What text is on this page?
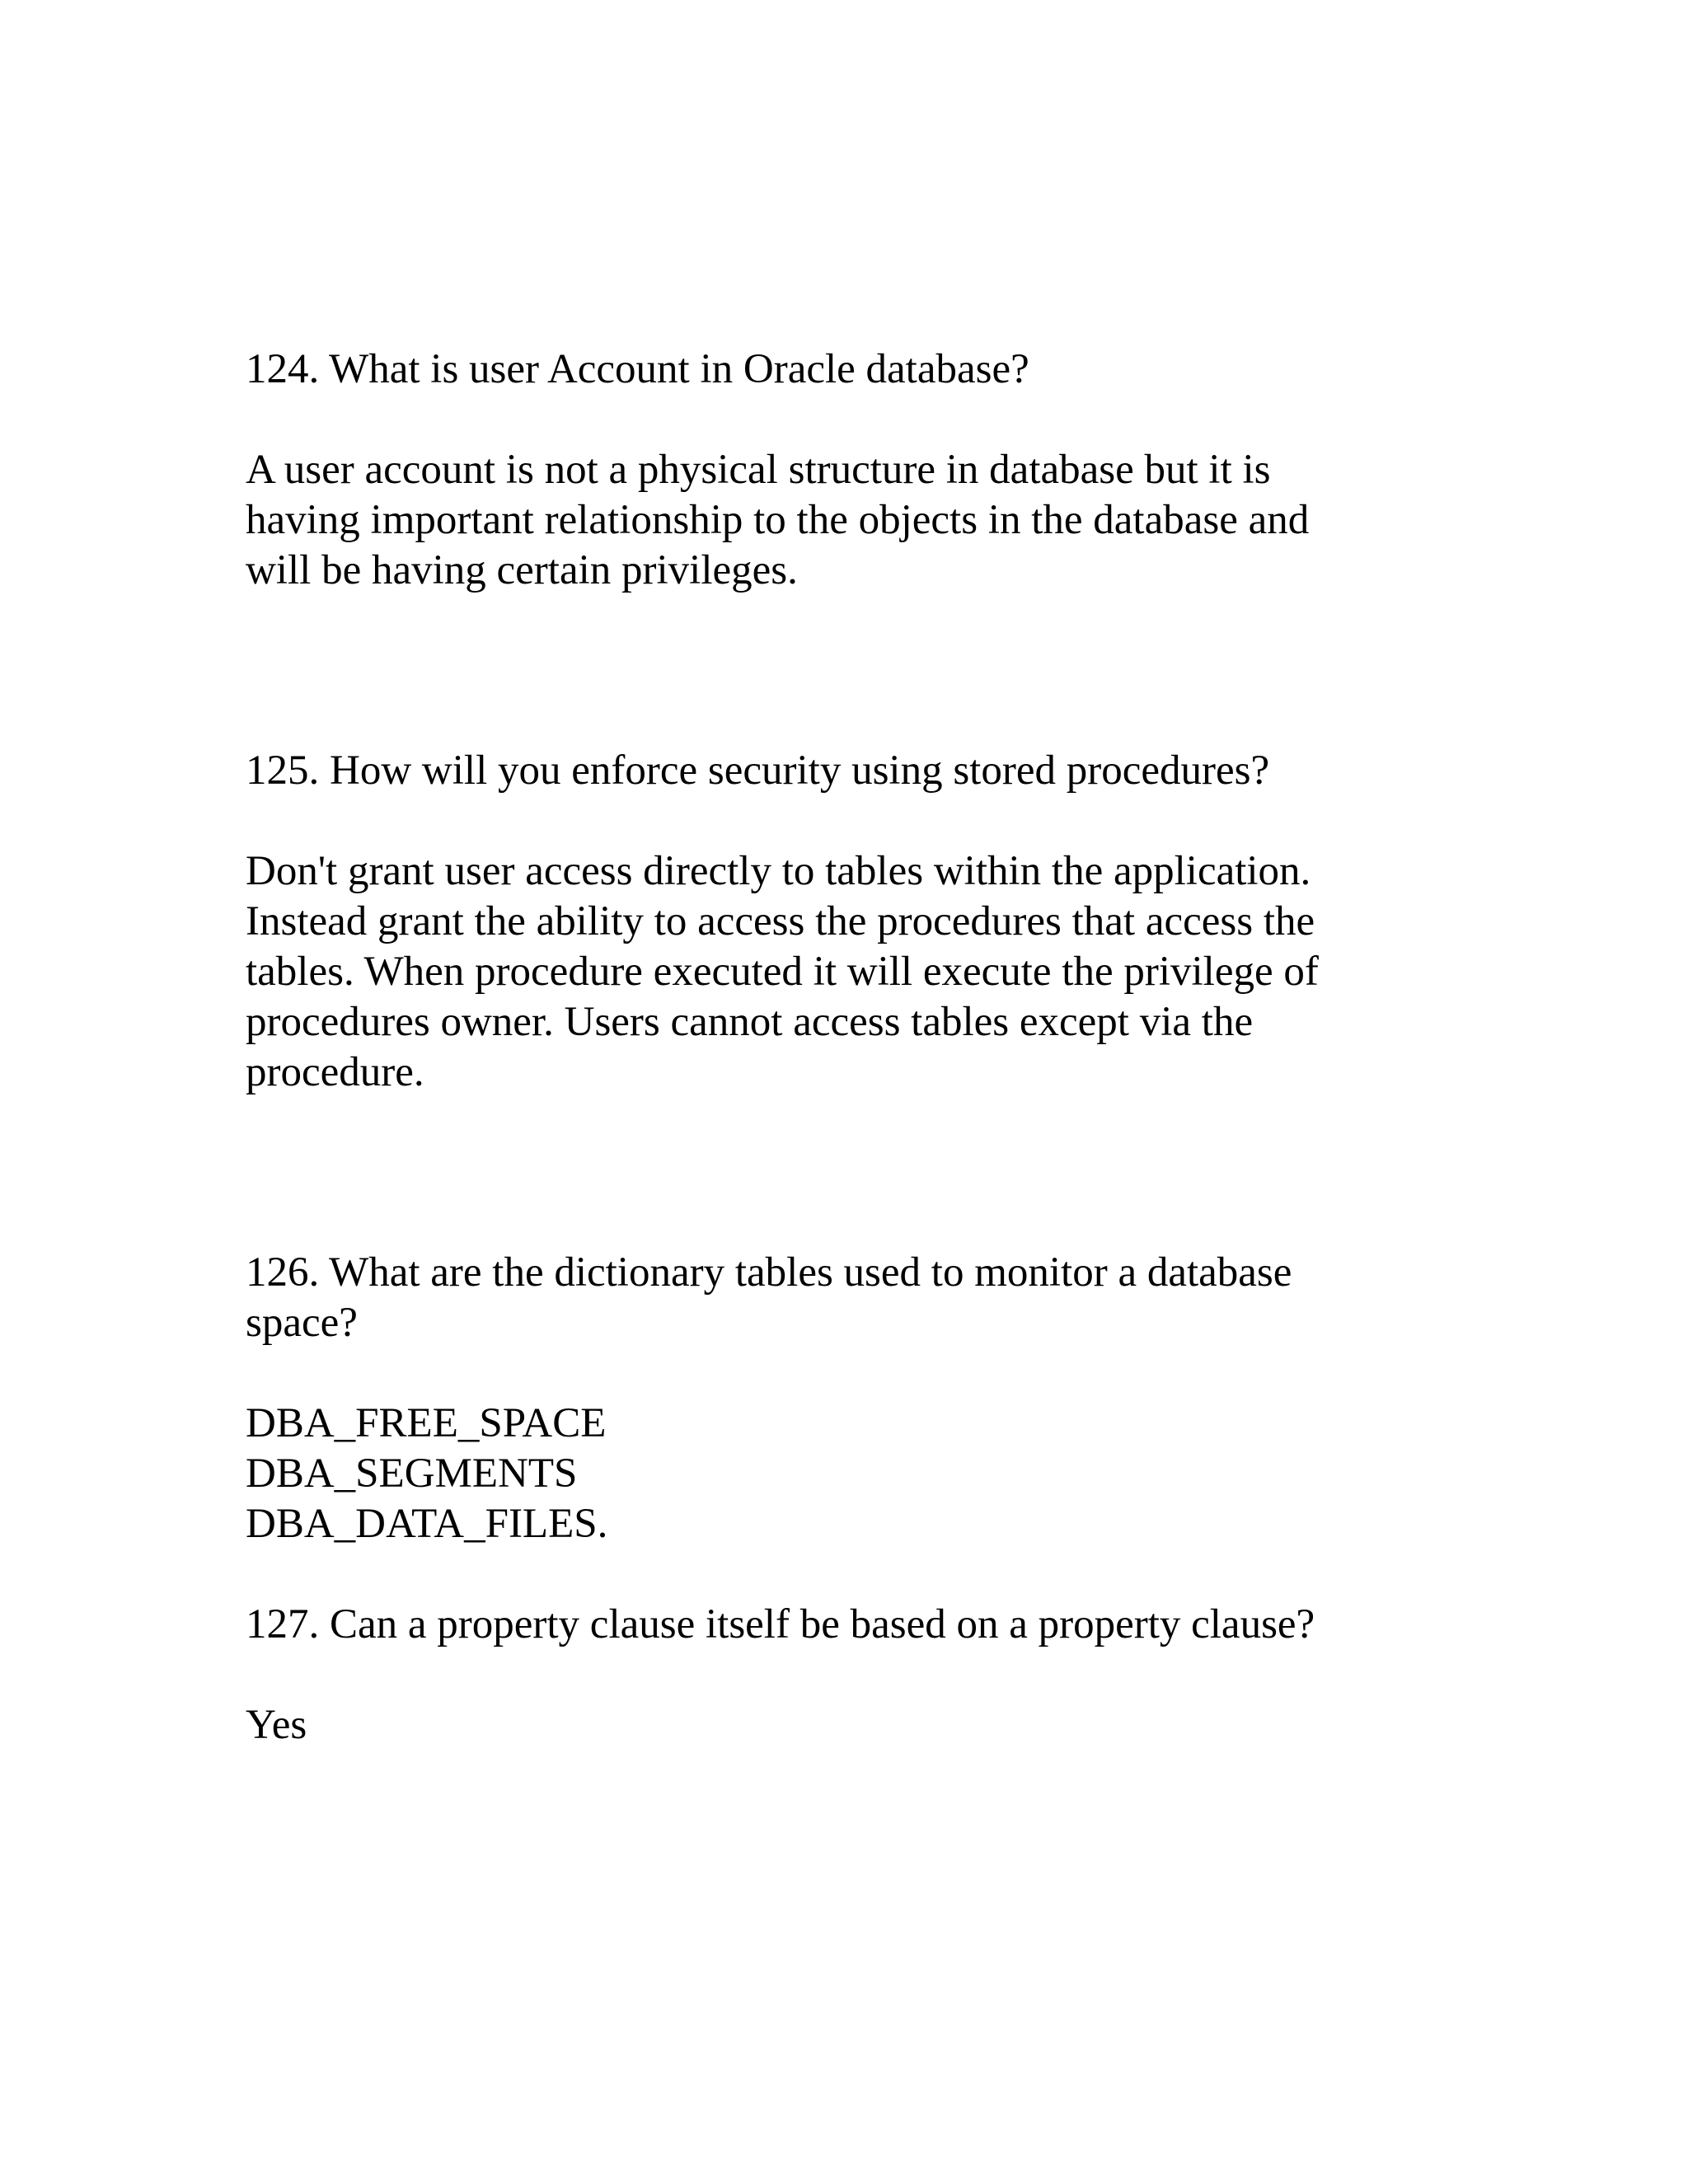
124. What is user Account in Oracle database?

A user account is not a physical structure in database but it is

having important relationship to the objects in the database and

will be having certain privileges.

125. How will you enforce security using stored procedures?

Don't grant user access directly to tables within the application.

Instead grant the ability to access the procedures that access the

tables. When procedure executed it will execute the privilege of

procedures owner. Users cannot access tables except via the

procedure.

126. What are the dictionary tables used to monitor a database

space?

DBA_FREE_SPACE

DBA_SEGMENTS

DBA_DATA_FILES.

127. Can a property clause itself be based on a property clause?

Yes
